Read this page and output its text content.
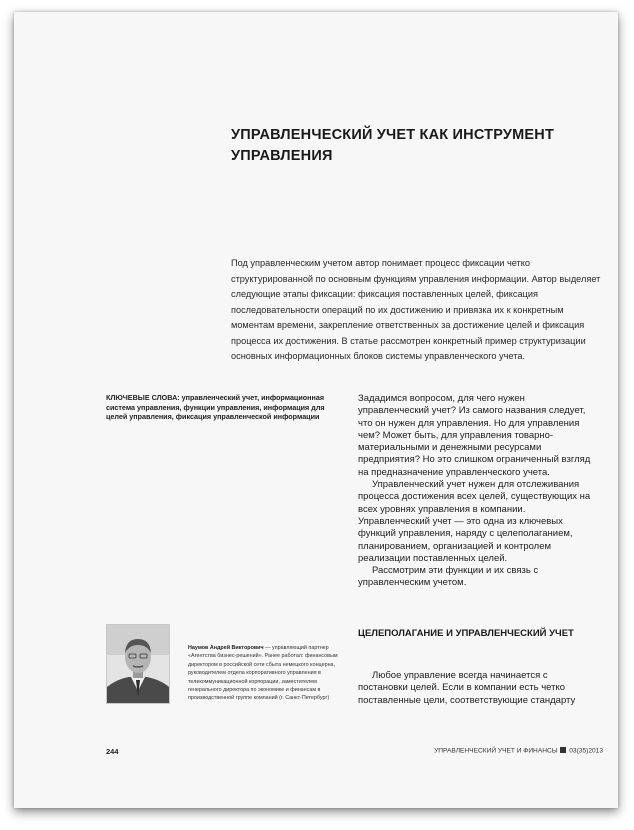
УПРАВЛЕНЧЕСКИЙ УЧЕТ КАК ИНСТРУМЕНТ УПРАВЛЕНИЯ
Под управленческим учетом автор понимает процесс фиксации четко структурированной по основным функциям управления информации. Автор выделяет следующие этапы фиксации: фиксация поставленных целей, фиксация последовательности операций по их достижению и привязка их к конкретным моментам времени, закрепление ответственных за достижение целей и фиксация процесса их достижения. В статье рассмотрен конкретный пример структуризации основных информационных блоков системы управленческого учета.
КЛЮЧЕВЫЕ СЛОВА: управленческий учет, информационная система управления, функции управления, информация для целей управления, фиксация управленческой информации

Зададимся вопросом, для чего нужен управленческий учет? Из самого названия следует, что он нужен для управления. Но для управления чем? Может быть, для управления товарно-материальными и денежными ресурсами предприятия? Но это слишком ограниченный взгляд на предназначение управленческого учета.

Управленческий учет нужен для отслеживания процесса достижения всех целей, существующих на всех уровнях управления в компании. Управленческий учет — это одна из ключевых функций управления, наряду с целеполаганием, планированием, организацией и контролем реализации поставленных целей.

Рассмотрим эти функции и их связь с управленческим учетом.

ЦЕЛЕПОЛАГАНИЕ И УПРАВЛЕНЧЕСКИЙ УЧЕТ

Любое управление всегда начинается с постановки целей. Если в компании есть четко поставленные цели, соответствующие стандарту

Наумов Андрей Викторович — управляющий партнер «Агентства бизнес-решений». Ранее работал: финансовым директором в российской сети сбыта немецкого концерна, руководителем отдела корпоративного управления в телекоммуникационной корпорации, заместителем генерального директора по экономике и финансам в производственной группе компаний (г. Санкт-Петербург)
244	УПРАВЛЕНЧЕСКИЙ УЧЕТ И ФИНАНСЫ 03(35)2013
